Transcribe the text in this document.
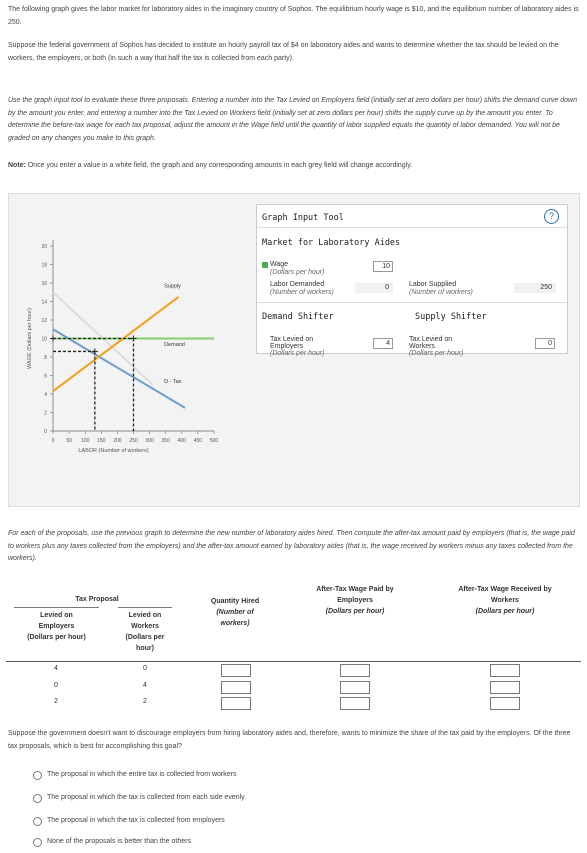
The following graph gives the labor market for laboratory aides in the imaginary country of Sophos. The equilibrium hourly wage is $10, and the equilibrium number of laboratory aides is 250.
Suppose the federal government of Sophos has decided to institute an hourly payroll tax of $4 on laboratory aides and wants to determine whether the tax should be levied on the workers, the employers, or both (in such a way that half the tax is collected from each party).
Use the graph input tool to evaluate these three proposals. Entering a number into the Tax Levied on Employers field (initially set at zero dollars per hour) shifts the demand curve down by the amount you enter, and entering a number into the Tax Levied on Workers field (initially set at zero dollars per hour) shifts the supply curve up by the amount you enter. To determine the before-tax wage for each tax proposal, adjust the amount in the Wage field until the quantity of labor supplied equals the quantity of labor demanded. You will not be graded on any changes you make to this graph.
Note: Once you enter a value in a white field, the graph and any corresponding amounts in each grey field will change accordingly.
20
18
16
14
12
10
8
6
4
2
0
0 50 100 150 200 250 300 350 400 450 500
WAGE (Dollars per hour)
LABOR (Number of workers)
Supply
Demand
D - Tax
Graph Input Tool	?
Market for Laboratory Aides
Wage
(Dollars per hour)
10
Labor Demanded
(Number of workers)
0	Labor Supplied
(Number of workers)
250
Demand Shifter	Supply Shifter
Tax Levied on
Employers
(Dollars per hour)
4
Tax Levied on
Workers
(Dollars per hour)
0
For each of the proposals, use the previous graph to determine the new number of laboratory aides hired. Then compute the after-tax amount paid by employers (that is, the wage paid to workers plus any taxes collected from the employers) and the after-tax amount earned by laboratory aides (that is, the wage received by workers minus any taxes collected from the workers).
Tax Proposal
Levied on
Employers
(Dollars per hour)
Levied on
Workers
(Dollars per
hour)
Quantity Hired
(Number of
workers)
After-Tax Wage Paid by
Employers
(Dollars per hour)
After-Tax Wage Received by
Workers
(Dollars per hour)
4	0
0	4
2	2
Suppose the government doesn't want to discourage employers from hiring laboratory aides and, therefore, wants to minimize the share of the tax paid by the employers. Of the three tax proposals, which is best for accomplishing this goal?
The proposal in which the entire tax is collected from workers
The proposal in which the tax is collected from each side evenly
The proposal in which the tax is collected from employers
None of the proposals is better than the others
